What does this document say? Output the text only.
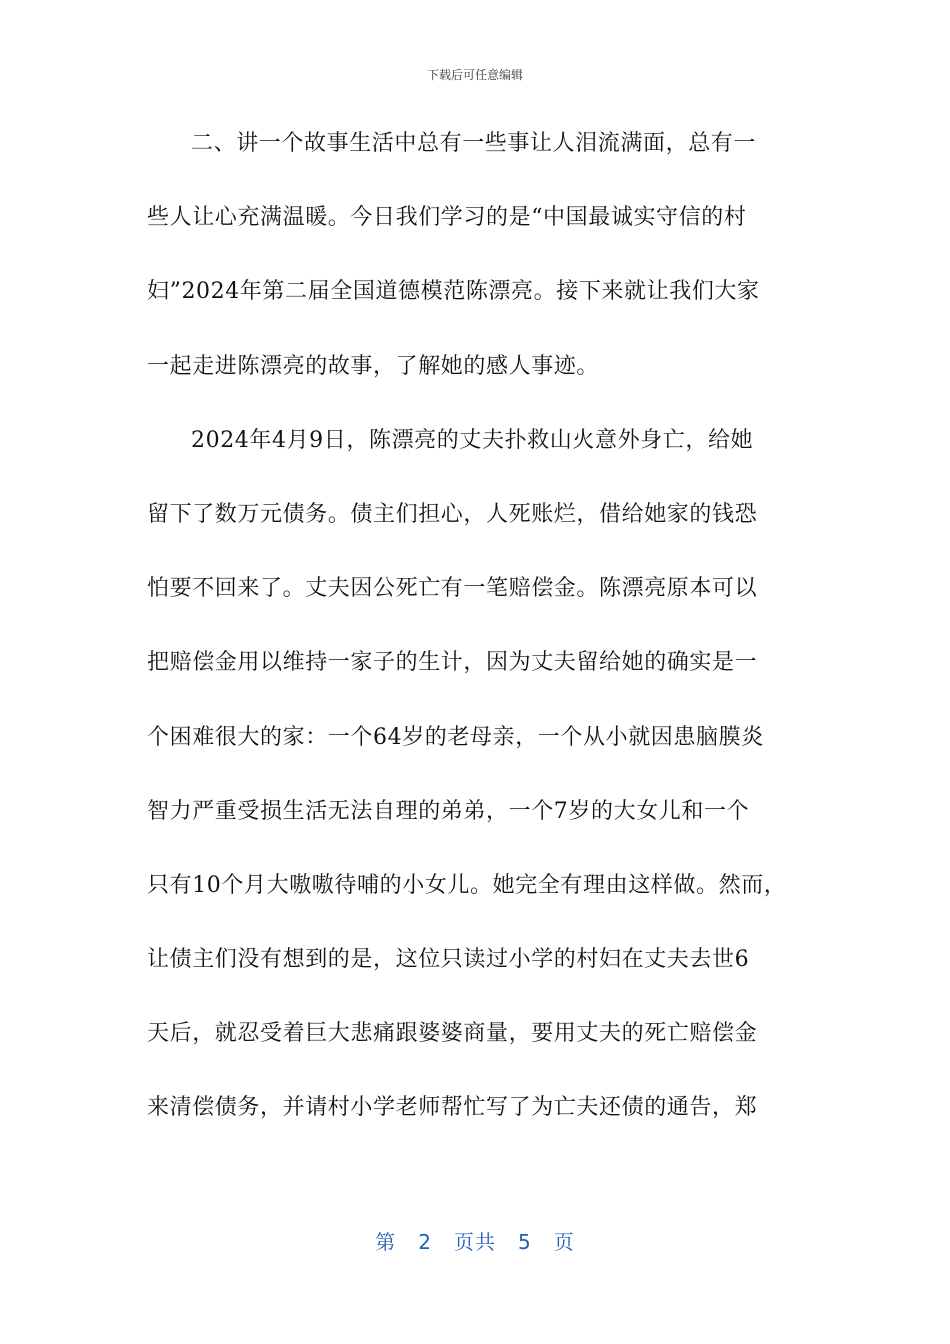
下载后可任意编辑
二、讲一个故事生活中总有一些事让人泪流满面，总有一
些人让心充满温暖。今日我们学习的是“中国最诚实守信的村
妇”2024年第二届全国道德模范陈漂亮。接下来就让我们大家
一起走进陈漂亮的故事，了解她的感人事迹。
2024年4月9日，陈漂亮的丈夫扑救山火意外身亡，给她
留下了数万元债务。债主们担心，人死账烂，借给她家的钱恐
怕要不回来了。丈夫因公死亡有一笔赔偿金。陈漂亮原本可以
把赔偿金用以维持一家子的生计，因为丈夫留给她的确实是一
个困难很大的家：一个64岁的老母亲，一个从小就因患脑膜炎
智力严重受损生活无法自理的弟弟，一个7岁的大女儿和一个
只有10个月大嗷嗷待哺的小女儿。她完全有理由这样做。然而，
让债主们没有想到的是，这位只读过小学的村妇在丈夫去世6
天后，就忍受着巨大悲痛跟婆婆商量，要用丈夫的死亡赔偿金
来清偿债务，并请村小学老师帮忙写了为亡夫还债的通告，郑
第 2 页共 5 页
